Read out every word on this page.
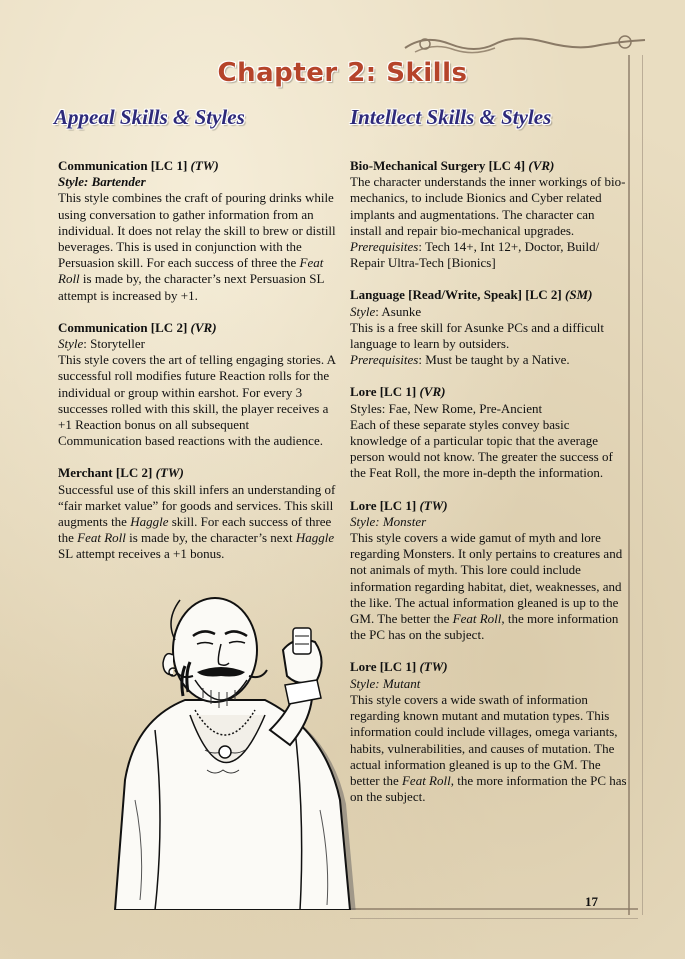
Chapter 2: Skills
Appeal Skills & Styles
Communication [LC 1] (TW)
Style: Bartender

This style combines the craft of pouring drinks while using conversation to gather information from an individual. It does not relay the skill to brew or distill beverages. This is used in conjunction with the Persuasion skill. For each success of three the Feat Roll is made by, the character’s next Persuasion SL attempt is increased by +1.

Communication [LC 2] (VR)
Style: Storyteller

This style covers the art of telling engaging stories. A successful roll modifies future Reaction rolls for the individual or group within earshot. For every 3 successes rolled with this skill, the player receives a +1 Reaction bonus on all subsequent Communication based reactions with the audience.

Merchant [LC 2] (TW)

Successful use of this skill infers an understanding of “fair market value” for goods and services. This skill augments the Haggle skill. For each success of three the Feat Roll is made by, the character’s next Haggle SL attempt receives a +1 bonus.

Intellect Skills & Styles
Bio-Mechanical Surgery [LC 4] (VR)

The character understands the inner workings of bio-mechanics, to include Bionics and Cyber related implants and augmentations. The character can install and repair bio-mechanical upgrades.

Prerequisites: Tech 14+, Int 12+, Doctor, Build/ Repair Ultra-Tech [Bionics]

Language [Read/Write, Speak] [LC 2] (SM)
Style: Asunke

This is a free skill for Asunke PCs and a difficult language to learn by outsiders.

Prerequisites: Must be taught by a Native.

Lore [LC 1] (VR)
Styles: Fae, New Rome, Pre-Ancient

Each of these separate styles convey basic knowledge of a particular topic that the average person would not know. The greater the success of the Feat Roll, the more in-depth the information.

Lore [LC 1] (TW)
Style: Monster

This style covers a wide gamut of myth and lore regarding Monsters. It only pertains to creatures and not animals of myth. This lore could include information regarding habitat, diet, weaknesses, and the like. The actual information gleaned is up to the GM. The better the Feat Roll, the more information the PC has on the subject.

Lore [LC 1] (TW)
Style: Mutant

This style covers a wide swath of information regarding known mutant and mutation types. This information could include villages, omega variants, habits, vulnerabilities, and causes of mutation. The actual information gleaned is up to the GM. The better the Feat Roll, the more information the PC has on the subject.

17
